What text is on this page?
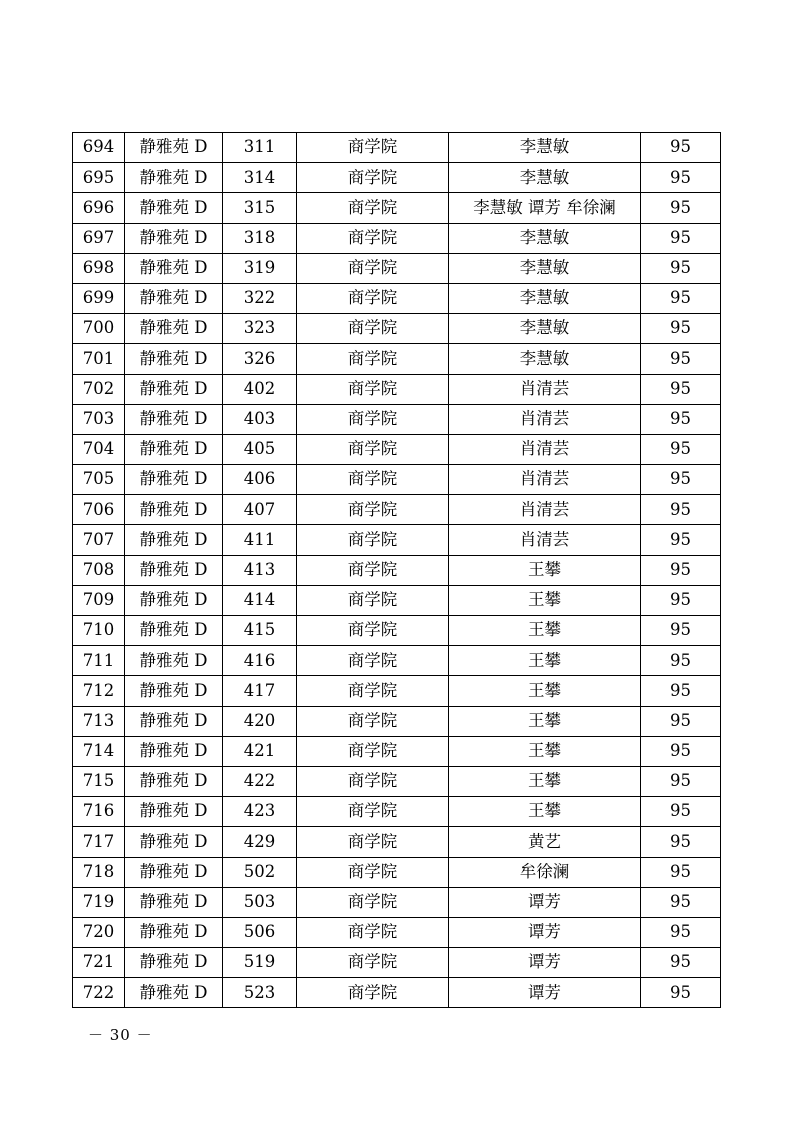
694	静雅苑 D	311	商学院	李慧敏	95
695	静雅苑 D	314	商学院	李慧敏	95
696	静雅苑 D	315	商学院	李慧敏 谭芳 牟徐澜	95
697	静雅苑 D	318	商学院	李慧敏	95
698	静雅苑 D	319	商学院	李慧敏	95
699	静雅苑 D	322	商学院	李慧敏	95
700	静雅苑 D	323	商学院	李慧敏	95
701	静雅苑 D	326	商学院	李慧敏	95
702	静雅苑 D	402	商学院	肖清芸	95
703	静雅苑 D	403	商学院	肖清芸	95
704	静雅苑 D	405	商学院	肖清芸	95
705	静雅苑 D	406	商学院	肖清芸	95
706	静雅苑 D	407	商学院	肖清芸	95
707	静雅苑 D	411	商学院	肖清芸	95
708	静雅苑 D	413	商学院	王攀	95
709	静雅苑 D	414	商学院	王攀	95
710	静雅苑 D	415	商学院	王攀	95
711	静雅苑 D	416	商学院	王攀	95
712	静雅苑 D	417	商学院	王攀	95
713	静雅苑 D	420	商学院	王攀	95
714	静雅苑 D	421	商学院	王攀	95
715	静雅苑 D	422	商学院	王攀	95
716	静雅苑 D	423	商学院	王攀	95
717	静雅苑 D	429	商学院	黄艺	95
718	静雅苑 D	502	商学院	牟徐澜	95
719	静雅苑 D	503	商学院	谭芳	95
720	静雅苑 D	506	商学院	谭芳	95
721	静雅苑 D	519	商学院	谭芳	95
722	静雅苑 D	523	商学院	谭芳	95
－ 30 －
